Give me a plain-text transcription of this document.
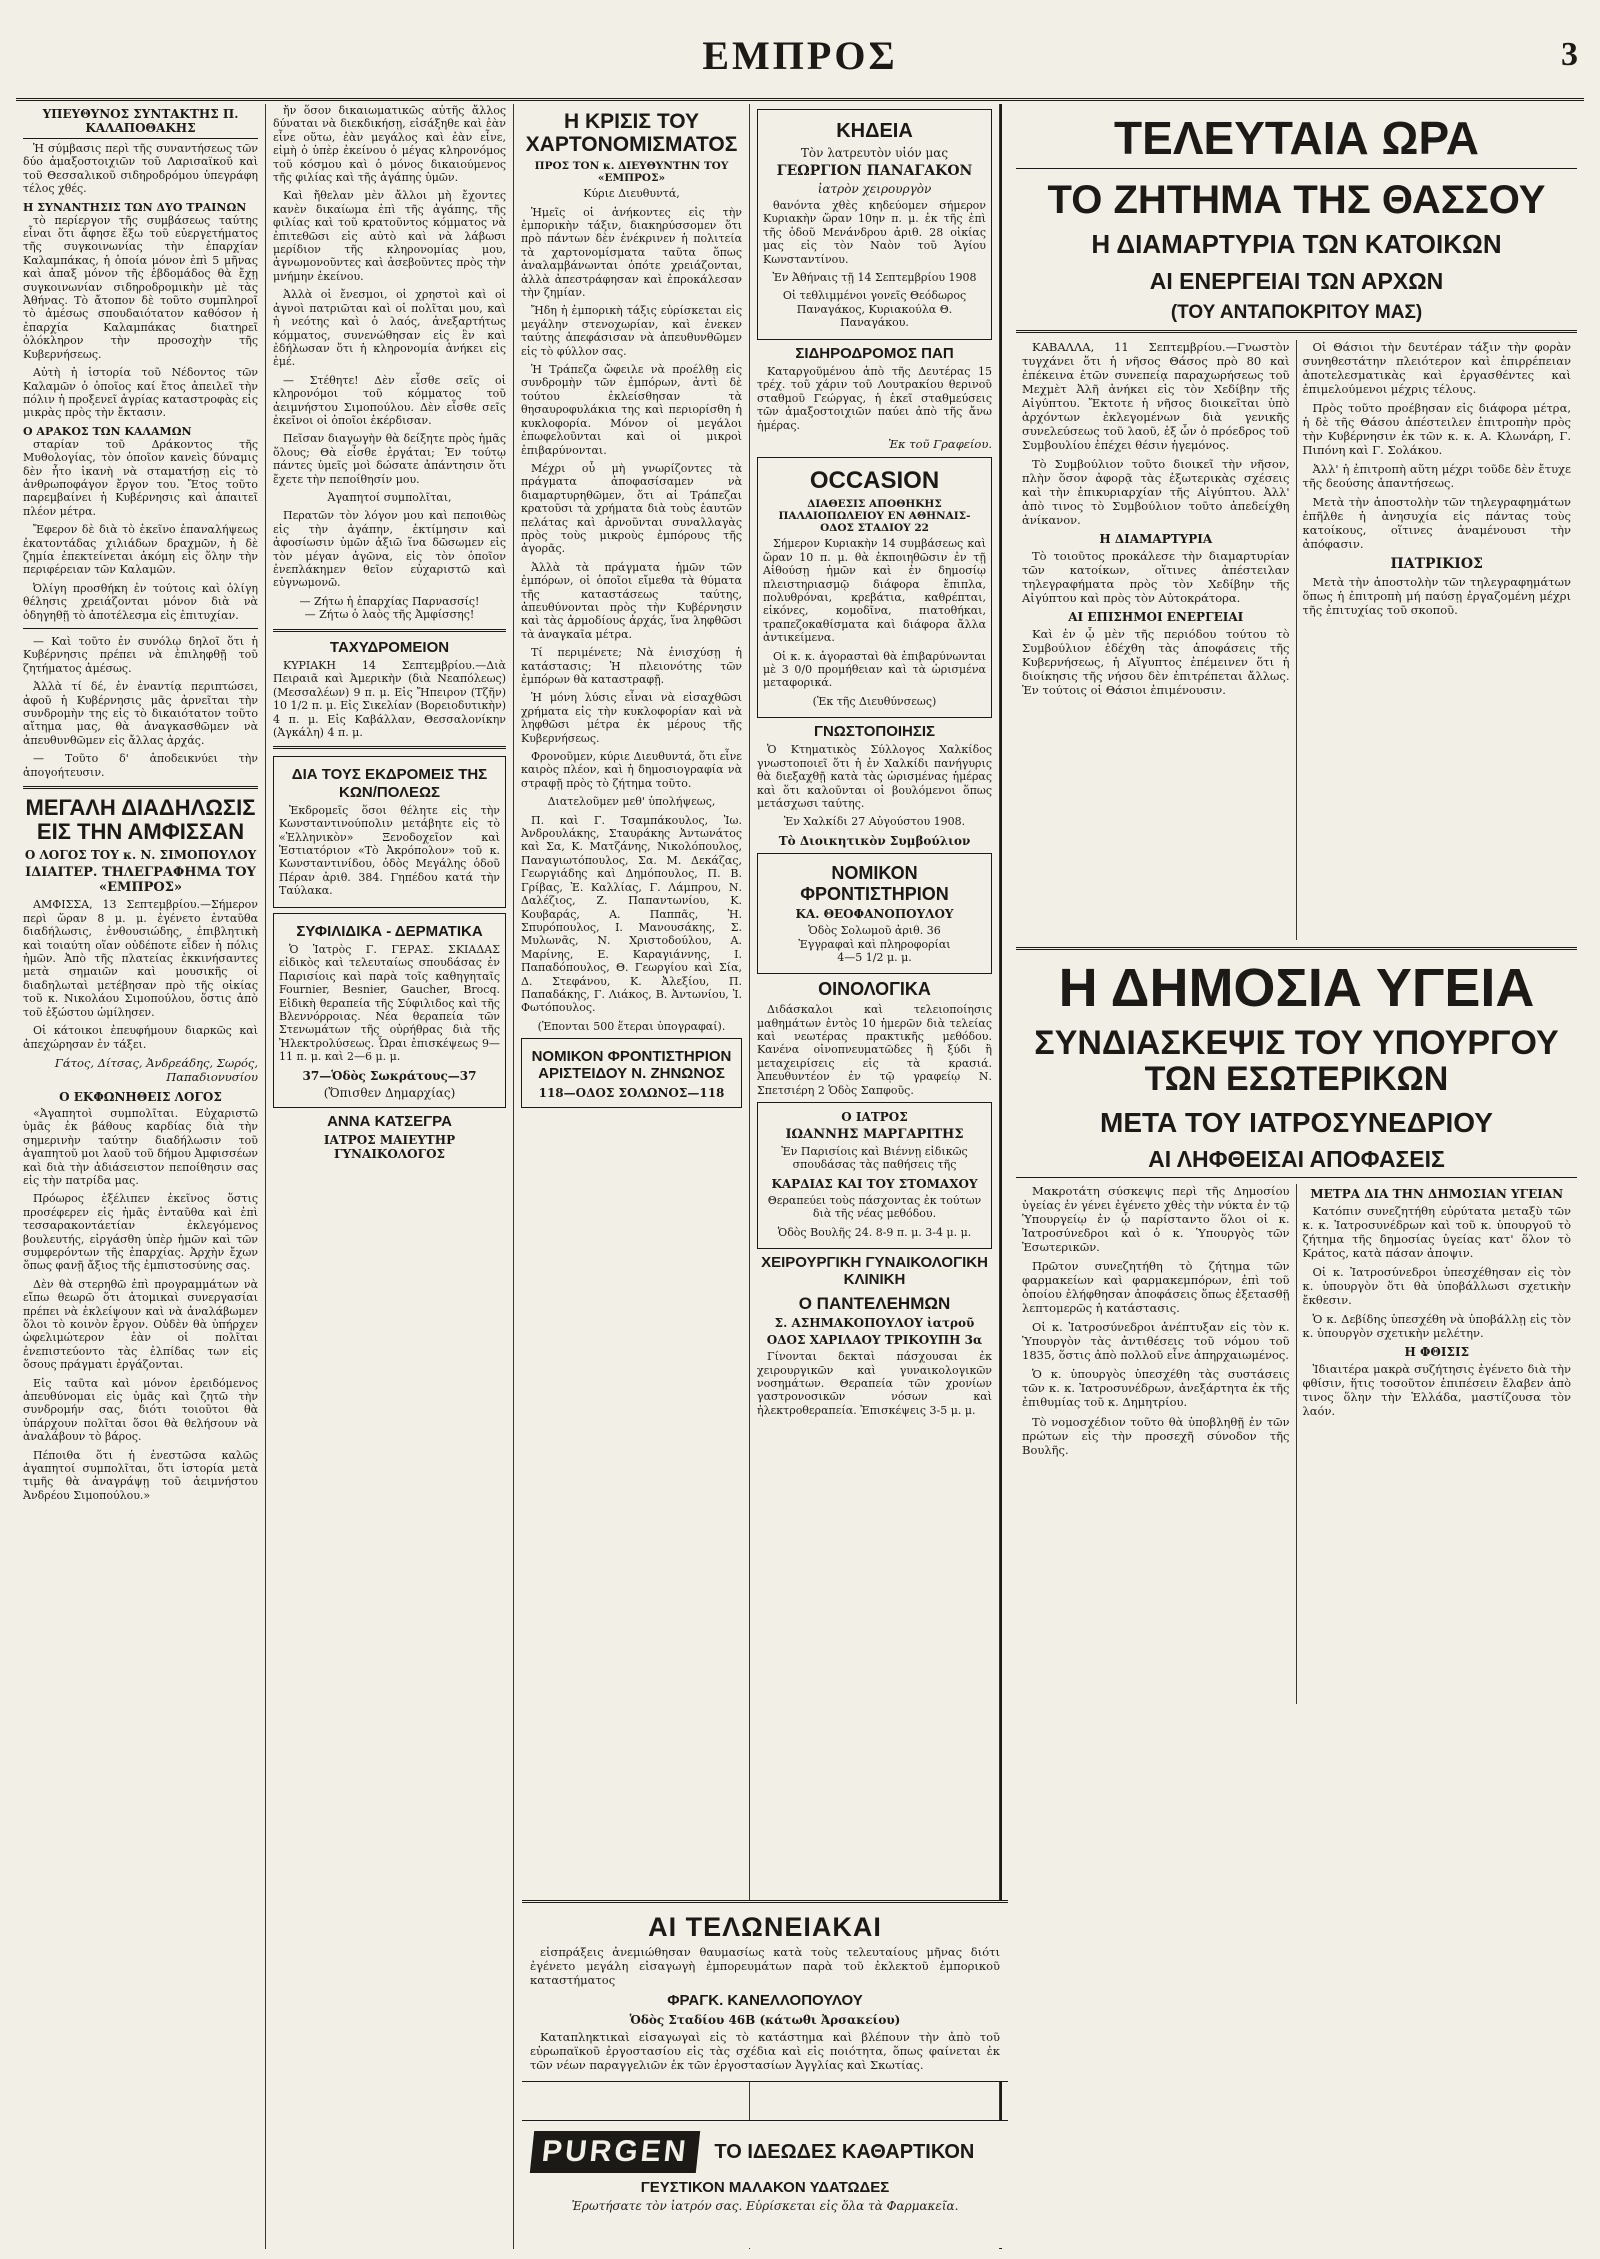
ΕΜΠΡΟΣ	3
ΥΠΕΥΘΥΝΟΣ ΣΥΝΤΑΚΤΗΣ Π. ΚΑΛΑΠΟΘΑΚΗΣ

Ἡ σύμβασις περὶ τῆς συναντήσεως τῶν δύο ἀμαξοστοιχιῶν τοῦ Λαρισαϊκοῦ καὶ τοῦ Θεσσαλικοῦ σιδηροδρόμου ὑπεγράφη τέλος χθές.

Η ΣΥΝΑΝΤΗΣΙΣ ΤΩΝ ΔΥΟ ΤΡΑΙΝΩΝ

τὸ περίεργον τῆς συμβάσεως ταύτης εἶναι ὅτι ἄφησε ἔξω τοῦ εὐεργετήματος τῆς συγκοινωνίας τὴν ἐπαρχίαν Καλαμπάκας, ἡ ὁποία μόνον ἐπὶ 5 μῆνας καὶ ἁπαξ μόνον τῆς ἑβδομάδος θὰ ἔχῃ συγκοινωνίαν σιδηροδρομικὴν μὲ τὰς Ἀθήνας. Τὸ ἄτοπον δὲ τοῦτο συμπληροῖ τὸ ἀμέσως σπουδαιότατον καθόσον ἡ ἐπαρχία Καλαμπάκας διατηρεῖ ὁλόκληρον τὴν προσοχὴν τῆς Κυβερνήσεως.

Αὐτὴ ἡ ἱστορία τοῦ Νέδοντος τῶν Καλαμῶν ὁ ὁποῖος καί ἔτος ἀπειλεῖ τὴν πόλιν ἡ προξενεῖ ἀγρίας καταστροφὰς εἰς μικρὰς πρὸς τὴν ἔκτασιν.

Ο ΑΡΑΚΟΣ ΤΩΝ ΚΑΛΑΜΩΝ

σταρίαν τοῦ Δράκοντος τῆς Μυθολογίας, τὸν ὁποῖον κανεὶς δύναμις δὲν ἦτο ἱκανὴ νὰ σταματήσῃ εἰς τὸ ἀνθρωποφάγον ἔργον του. Ἔτος τοῦτο παρεμβαίνει ἡ Κυβέρνησις καὶ ἀπαιτεῖ πλέον μέτρα.

Ἔφερον δὲ διὰ τὸ ἐκεῖνο ἐπαναλήψεως ἐκατοντάδας χιλιάδων δραχμῶν, ἡ δὲ ζημία ἐπεκτείνεται ἀκόμη εἰς ὅλην τὴν περιφέρειαν τῶν Καλαμῶν.

Ὀλίγη προσθήκη ἐν τούτοις καὶ ὀλίγη θέλησις χρειάζονται μόνον διὰ νὰ ὁδηγηθῇ τὸ ἀποτέλεσμα εἰς ἐπιτυχίαν.

— Καὶ τοῦτο ἐν συνόλῳ δηλοῖ ὅτι ἡ Κυβέρνησις πρέπει νὰ ἐπιληφθῇ τοῦ ζητήματος ἀμέσως.

Ἀλλὰ τί δέ, ἐν ἐναντίᾳ περιπτώσει, ἀφοῦ ἡ Κυβέρνησις μᾶς ἀρνεῖται τὴν συνδρομὴν της εἰς τὸ δικαιότατον τοῦτο αἴτημα μας, θὰ ἀναγκασθῶμεν νὰ ἀπευθυνθῶμεν εἰς ἄλλας ἀρχάς.

— Τοῦτο δ' ἀποδεικνύει τὴν ἀπογοήτευσιν.

ΜΕΓΑΛΗ ΔΙΑΔΗΛΩΣΙΣ ΕΙΣ ΤΗΝ ΑΜΦΙΣΣΑΝ
Ο ΛΟΓΟΣ ΤΟΥ κ. Ν. ΣΙΜΟΠΟΥΛΟΥ
ΙΔΙΑΙΤΕΡ. ΤΗΛΕΓΡΑΦΗΜΑ ΤΟΥ «ΕΜΠΡΟΣ»

ΑΜΦΙΣΣΑ, 13 Σεπτεμβρίου.—Σήμερον περὶ ὥραν 8 μ. μ. ἐγένετο ἐνταῦθα διαδήλωσις, ἐνθουσιώδης, ἐπιβλητικὴ καὶ τοιαύτη οἵαν οὐδέποτε εἶδεν ἡ πόλις ἡμῶν. Ἀπὸ τῆς πλατείας ἐκκινήσαντες μετὰ σημαιῶν καὶ μουσικῆς οἱ διαδηλωταὶ μετέβησαν πρὸ τῆς οἰκίας τοῦ κ. Νικολάου Σιμοπούλου, ὅστις ἀπὸ τοῦ ἐξώστου ὡμίλησεν.

Οἱ κάτοικοι ἐπευφήμουν διαρκῶς καὶ ἀπεχώρησαν ἐν τάξει.

Γάτος, Δίτσας, Ἀνδρεάδης, Σωρός, Παπαδιονυσίου
Ο ΕΚΦΩΝΗΘΕΙΣ ΛΟΓΟΣ

«Ἀγαπητοὶ συμπολῖται. Εὐχαριστῶ ὑμᾶς ἐκ βάθους καρδίας διὰ τὴν σημερινὴν ταύτην διαδήλωσιν τοῦ ἀγαπητοῦ μοι λαοῦ τοῦ δήμου Ἀμφισσέων καὶ διὰ τὴν ἀδιάσειστον πεποίθησιν σας εἰς τὴν πατρίδα μας.

Πρόωρος ἐξέλιπεν ἐκεῖνος ὅστις προσέφερεν εἰς ἡμᾶς ἐνταῦθα καὶ ἐπὶ τεσσαρακοντάετίαν ἐκλεγόμενος βουλευτής, εἰργάσθη ὑπὲρ ἡμῶν καὶ τῶν συμφερόντων τῆς ἐπαρχίας. Ἀρχὴν ἔχων ὅπως φανῇ ἄξιος τῆς ἐμπιστοσύνης σας.

Δὲν θὰ στερηθῶ ἐπὶ προγραμμάτων νὰ εἴπω θεωρῶ ὅτι ἀτομικαὶ συνεργασίαι πρέπει νὰ ἐκλείψουν καὶ νὰ ἀναλάβωμεν ὅλοι τὸ κοινὸν ἔργον. Οὐδὲν θὰ ὑπήρχεν ὠφελιμώτερον ἐὰν οἱ πολῖται ἐνεπιστεύοντο τὰς ἐλπίδας των εἰς ὅσους πράγματι ἐργάζονται.

Εἰς ταῦτα καὶ μόνον ἐρειδόμενος ἀπευθύνομαι εἰς ὑμᾶς καὶ ζητῶ τὴν συνδρομήν σας, διότι τοιοῦτοι θὰ ὑπάρχουν πολῖται ὅσοι θὰ θελήσουν νὰ ἀναλάβουν τὸ βάρος.

Πέποιθα ὅτι ἡ ἐνεστῶσα καλῶς ἀγαπητοί συμπολῖται, ὅτι ἱστορία μετὰ τιμῆς θὰ ἀναγράψῃ τοῦ ἀειμνήστου Ἀνδρέου Σιμοπούλου.»

ἤν ὅσον δικαιωματικῶς αὐτῆς ἄλλος δύναται νὰ διεκδικήσῃ, εἰσάξηθε καὶ ἐὰν εἶνε οὕτω, ἐὰν μεγάλος καὶ ἐὰν εἶνε, εἰμὴ ὁ ὑπὲρ ἐκείνου ὁ μέγας κληρονόμος τοῦ κόσμου καὶ ὁ μόνος δικαιούμενος τῆς φιλίας καὶ τῆς ἀγάπης ὑμῶν.

Καὶ ἤθελαν μὲν ἄλλοι μὴ ἔχοντες κανὲν δικαίωμα ἐπὶ τῆς ἀγάπης, τῆς φιλίας καὶ τοῦ κρατοῦντος κόμματος νὰ ἐπιτεθῶσι εἰς αὐτὸ καὶ νὰ λάβωσι μερίδιον τῆς κληρονομίας μου, ἀγνωμονοῦντες καὶ ἀσεβοῦντες πρὸς τὴν μνήμην ἐκείνου.

Ἀλλὰ οἱ ἔνεσμοι, οἱ χρηστοὶ καὶ οἱ ἀγνοὶ πατριῶται καὶ οἱ πολῖται μου, καὶ ἡ νεότης καὶ ὁ λαός, ἀνεξαρτήτως κόμματος, συνενώθησαν εἰς ἓν καὶ ἐδήλωσαν ὅτι ἡ κληρονομία ἀνήκει εἰς ἐμέ.

— Στέθητε! Δὲν εἶσθε σεῖς οἱ κληρονόμοι τοῦ κόμματος τοῦ ἀειμνήστου Σιμοπούλου. Δὲν εἶσθε σεῖς ἐκεῖνοι οἱ ὁποῖοι ἐκέρδισαν.

Πεῖσαν διαγωγὴν θὰ δείξητε πρὸς ἡμᾶς ὅλους; Θὰ εἶσθε ἐργάται; Ἐν τούτῳ πάντες ὑμεῖς μοὶ δώσατε ἀπάντησιν ὅτι ἔχετε τὴν πεποίθησίν μου.

Ἀγαπητοί συμπολῖται,

Περατῶν τὸν λόγον μου καὶ πεποιθὼς εἰς τὴν ἀγάπην, ἐκτίμησιν καὶ ἀφοσίωσιν ὑμῶν ἀξιῶ ἵνα δῶσωμεν εἰς τὸν μέγαν ἀγῶνα, εἰς τὸν ὁποῖον ἐνεπλάκημεν θεῖον εὐχαριστῶ καὶ εὐγνωμονῶ.

— Ζήτω ἡ ἐπαρχίας Παρνασσίς!
— Ζήτω ὁ λαὸς τῆς Ἀμφίσσης!

ΤΑΧΥΔΡΟΜΕΙΟΝ

ΚΥΡΙΑΚΗ 14 Σεπτεμβρίου.—Διὰ Πειραιᾶ καὶ Ἀμερικὴν (διὰ Νεαπόλεως) (Μεσσαλέων) 9 π. μ. Εἰς Ἤπειρον (Τζῆν) 10 1/2 π. μ. Εἰς Σικελίαν (Βορειοδυτικὴν) 4 π. μ. Εἰς Καβάλλαν, Θεσσαλονίκην (Ἀγκάλη) 4 π. μ.

ΔΙΑ ΤΟΥΣ ΕΚΔΡΟΜΕΙΣ ΤΗΣ ΚΩΝ/ΠΟΛΕΩΣ

Ἐκδρομεῖς ὅσοι θέλητε εἰς τὴν Κωνσταντινούπολιν μετάβητε εἰς τὸ «Ἑλληνικὸν» Ξενοδοχεῖον καὶ Ἑστιατόριον «Τὸ Ἀκρόπολον» τοῦ κ. Κωνσταντινίδου, ὁδὸς Μεγάλης ὁδοῦ Πέραν ἀριθ. 384. Γηπέδου κατά τὴν Ταύλακα.

ΣΥΦΙΛΙΔΙΚΑ - ΔΕΡΜΑΤΙΚΑ

Ὁ Ἰατρὸς Γ. ΓΕΡΑΣ. ΣΚΙΑΔΑΣ εἰδικὸς καὶ τελευταίως σπουδάσας ἐν Παρισίοις καὶ παρὰ τοῖς καθηγηταῖς Fournier, Besnier, Gaucher, Brocq. Εἰδικὴ θεραπεία τῆς Σύφιλιδος καὶ τῆς Βλεννόρροιας. Νέα θεραπεία τῶν Στενωμάτων τῆς οὐρήθρας διὰ τῆς Ἠλεκτρολύσεως. Ὧραι ἐπισκέψεως 9—11 π. μ. καὶ 2—6 μ. μ.

37—Ὁδὸς Σωκράτους—37
(Ὄπισθεν Δημαρχίας)
ΑΝΝΑ ΚΑΤΣΕΓΡΑ
ΙΑΤΡΟΣ ΜΑΙΕΥΤΗΡ ΓΥΝΑΙΚΟΛΟΓΟΣ
Η ΚΡΙΣΙΣ ΤΟΥ ΧΑΡΤΟΝΟΜΙΣΜΑΤΟΣ
ΠΡΟΣ ΤΟΝ κ. ΔΙΕΥΘΥΝΤΗΝ ΤΟΥ «ΕΜΠΡΟΣ»

Κύριε Διευθυντά,

Ἡμεῖς οἱ ἀνήκοντες εἰς τὴν ἐμπορικὴν τάξιν, διακηρύσσομεν ὅτι πρὸ πάντων δὲν ἐνέκρινεν ἡ πολιτεία τὰ χαρτονομίσματα ταῦτα ὅπως ἀναλαμβάνωνται ὁπότε χρειάζονται, ἀλλὰ ἀπεστράφησαν καὶ ἐπροκάλεσαν τὴν ζημίαν.

Ἤδη ἡ ἐμπορικὴ τάξις εὑρίσκεται εἰς μεγάλην στενοχωρίαν, καὶ ἐνεκεν ταύτης ἀπεφάσισαν νὰ ἀπευθυνθῶμεν εἰς τὸ φύλλον σας.

Ἡ Τράπεζα ὤφειλε νὰ προέλθῃ εἰς συνδρομὴν τῶν ἐμπόρων, ἀντὶ δὲ τούτου ἐκλείσθησαν τὰ θησαυροφυλάκια της καὶ περιορίσθη ἡ κυκλοφορία. Μόνον οἱ μεγάλοι ἐπωφελοῦνται καὶ οἱ μικροὶ ἐπιβαρύνονται.

Μέχρι οὗ μὴ γνωρίζοντες τὰ πράγματα ἀποφασίσαμεν νὰ διαμαρτυρηθῶμεν, ὅτι αἱ Τράπεζαι κρατοῦσι τὰ χρήματα διὰ τοὺς ἑαυτῶν πελάτας καὶ ἀρνοῦνται συναλλαγὰς πρὸς τοὺς μικροὺς ἐμπόρους τῆς ἀγορᾶς.

Ἀλλὰ τὰ πράγματα ἡμῶν τῶν ἐμπόρων, οἱ ὁποῖοι εἴμεθα τὰ θύματα τῆς καταστάσεως ταύτης, ἀπευθύνονται πρὸς τὴν Κυβέρνησιν καὶ τὰς ἁρμοδίους ἀρχάς, ἵνα ληφθῶσι τὰ ἀναγκαῖα μέτρα.

Τί περιμένετε; Νὰ ἐνισχύσῃ ἡ κατάστασις; Ἡ πλειονότης τῶν ἐμπόρων θὰ καταστραφῇ.

Ἡ μόνη λύσις εἶναι νὰ εἰσαχθῶσι χρήματα εἰς τὴν κυκλοφορίαν καὶ νὰ ληφθῶσι μέτρα ἐκ μέρους τῆς Κυβερνήσεως.

Φρονοῦμεν, κύριε Διευθυντά, ὅτι εἶνε καιρὸς πλέον, καὶ ἡ δημοσιογραφία νὰ στραφῇ πρὸς τὸ ζήτημα τοῦτο.

Διατελοῦμεν μεθ' ὑπολήψεως,

Π. καὶ Γ. Τσαμπάκουλος, Ἰω. Ἀνδρουλάκης, Σταυράκης Ἀντωνάτος καὶ Σα, Κ. Ματζάνης, Νικολόπουλος, Παναγιωτόπουλος, Σα. Μ. Δεκάζας, Γεωργιάδης καὶ Δημόπουλος, Π. Β. Γρίβας, Ἐ. Καλλίας, Γ. Λάμπρου, Ν. Δαλέζιος, Ζ. Παπαντωνίου, Κ. Κουβαράς, Α. Παππᾶς, Ἡ. Σπυρόπουλος, Ι. Μανουσάκης, Σ. Μυλωνᾶς, Ν. Χριστοδούλου, Α. Μαρίνης, Ε. Καραγιάννης, Ι. Παπαδόπουλος, Θ. Γεωργίου καὶ Σία, Δ. Στεφάνου, Κ. Ἀλεξίου, Π. Παπαδάκης, Γ. Λιάκος, Β. Ἀντωνίου, Ἰ. Φωτόπουλος.

(Ἐπονται 500 ἕτεραι ὑπογραφαί).

ΝΟΜΙΚΟΝ ΦΡΟΝΤΙΣΤΗΡΙΟΝ ΑΡΙΣΤΕΙΔΟΥ Ν. ΖΗΝΩΝΟΣ
118—ΟΔΟΣ ΣΟΛΩΝΟΣ—118
ΚΗΔΕΙΑ
Τὸν λατρευτὸν υἱόν μας
ΓΕΩΡΓΙΟΝ ΠΑΝΑΓΑΚΟΝ
ἰατρὸν χειρουργὸν

θανόντα χθὲς κηδεύομεν σήμερον Κυριακὴν ὥραν 10ην π. μ. ἐκ τῆς ἐπὶ τῆς ὁδοῦ Μενάνδρου ἀριθ. 28 οἰκίας μας εἰς τὸν Ναὸν τοῦ Ἁγίου Κωνσταντίνου.

Ἐν Ἀθήναις τῇ 14 Σεπτεμβρίου 1908

Οἱ τεθλιμμένοι γονεῖς Θεόδωρος Παναγάκος, Κυριακούλα Θ. Παναγάκου.

ΣΙΔΗΡΟΔΡΟΜΟΣ ΠΑΠ

Καταργοῦμένου ἀπὸ τῆς Δευτέρας 15 τρέχ. τοῦ χάριν τοῦ Λουτρακίου θερινοῦ σταθμοῦ Γεώργας, ἡ ἐκεῖ σταθμεύσεις τῶν ἀμαξοστοιχιῶν παύει ἀπὸ τῆς ἄνω ἡμέρας.

Ἐκ τοῦ Γραφείου.
OCCASION
ΔΙΑΘΕΣΙΣ ΑΠΟΘΗΚΗΣ ΠΑΛΑΙΟΠΩΛΕΙΟΥ ΕΝ ΑΘΗΝΑΙΣ-ΟΔΟΣ ΣΤΑΔΙΟΥ 22

Σήμερον Κυριακὴν 14 συμβάσεως καὶ ὥραν 10 π. μ. θὰ ἐκποιηθῶσιν ἐν τῇ Αἰθούσῃ ἡμῶν καὶ ἐν δημοσίῳ πλειστηριασμῷ διάφορα ἔπιπλα, πολυθρόναι, κρεβάτια, καθρέπται, εἰκόνες, κομοδῖνα, πιατοθήκαι, τραπεζοκαθίσματα καὶ διάφορα ἄλλα ἀντικείμενα.

Οἱ κ. κ. ἀγορασταὶ θὰ ἐπιβαρύνωνται μὲ 3 0/0 προμήθειαν καὶ τὰ ὡρισμένα μεταφορικά.

(Ἐκ τῆς Διευθύνσεως)

ΓΝΩΣΤΟΠΟΙΗΣΙΣ

Ὁ Κτηματικὸς Σύλλογος Χαλκίδος γνωστοποιεῖ ὅτι ἡ ἐν Χαλκίδι πανήγυρις θὰ διεξαχθῇ κατὰ τὰς ὡρισμένας ἡμέρας καὶ ὅτι καλοῦνται οἱ βουλόμενοι ὅπως μετάσχωσι ταύτης.

Ἐν Χαλκίδι 27 Αὐγούστου 1908.

Τὸ Διοικητικὸν Συμβούλιον
ΝΟΜΙΚΟΝ ΦΡΟΝΤΙΣΤΗΡΙΟΝ
ΚΑ. ΘΕΟΦΑΝΟΠΟΥΛΟΥ

Ὁδὸς Σολωμοῦ ἀριθ. 36
Ἐγγραφαὶ καὶ πληροφορίαι
4—5 1/2 μ. μ.

ΟΙΝΟΛΟΓΙΚΑ

Διδάσκαλοι καὶ τελειοποίησις μαθημάτων ἐντὸς 10 ἡμερῶν διὰ τελείας καὶ νεωτέρας πρακτικῆς μεθόδου. Κανένα οἰνοπνευματῶδες ἢ ξύδι ἢ μεταχειρίσεις εἰς τὰ κρασιά. Ἀπευθυντέον ἐν τῷ γραφείῳ Ν. Σπετσιέρη 2 Ὁδὸς Σαπφοῦς.

Ο ΙΑΤΡΟΣ
ΙΩΑΝΝΗΣ ΜΑΡΓΑΡΙΤΗΣ

Ἐν Παρισίοις καὶ Βιέννῃ εἰδικῶς σπουδάσας τὰς παθήσεις τῆς

ΚΑΡΔΙΑΣ ΚΑΙ ΤΟΥ ΣΤΟΜΑΧΟΥ

Θεραπεύει τοὺς πάσχοντας ἐκ τούτων διὰ τῆς νέας μεθόδου.

Ὁδὸς Βουλῆς 24. 8-9 π. μ. 3-4 μ. μ.

ΧΕΙΡΟΥΡΓΙΚΗ ΓΥΝΑΙΚΟΛΟΓΙΚΗ ΚΛΙΝΙΚΗ
Ο ΠΑΝΤΕΛΕΗΜΩΝ
Σ. ΑΣΗΜΑΚΟΠΟΥΛΟΥ ἰατροῦ
ΟΔΟΣ ΧΑΡΙΛΑΟΥ ΤΡΙΚΟΥΠΗ 3α

Γίνονται δεκταὶ πάσχουσαι ἐκ χειρουργικῶν καὶ γυναικολογικῶν νοσημάτων. Θεραπεία τῶν χρονίων γαστρονοσικῶν νόσων καὶ ἠλεκτροθεραπεία. Ἐπισκέψεις 3-5 μ. μ.

ΤΕΛΕΥΤΑΙΑ ΩΡΑ
ΤΟ ΖΗΤΗΜΑ ΤΗΣ ΘΑΣΣΟΥ
Η ΔΙΑΜΑΡΤΥΡΙΑ ΤΩΝ ΚΑΤΟΙΚΩΝ
ΑΙ ΕΝΕΡΓΕΙΑΙ ΤΩΝ ΑΡΧΩΝ
(ΤΟΥ ΑΝΤΑΠΟΚΡΙΤΟΥ ΜΑΣ)

ΚΑΒΑΛΛΑ, 11 Σεπτεμβρίου.—Γνωστὸν τυγχάνει ὅτι ἡ νῆσος Θάσος πρὸ 80 καὶ ἐπέκεινα ἐτῶν συνεπείᾳ παραχωρήσεως τοῦ Μεχμὲτ Ἀλῆ ἀνήκει εἰς τὸν Χεδίβην τῆς Αἰγύπτου. Ἔκτοτε ἡ νῆσος διοικεῖται ὑπὸ ἀρχόντων ἐκλεγομένων διὰ γενικῆς συνελεύσεως τοῦ λαοῦ, ἐξ ὧν ὁ πρόεδρος τοῦ Συμβουλίου ἐπέχει θέσιν ἡγεμόνος.

Τὸ Συμβούλιον τοῦτο διοικεῖ τὴν νῆσον, πλὴν ὅσον ἀφορᾷ τὰς ἐξωτερικὰς σχέσεις καὶ τὴν ἐπικυριαρχίαν τῆς Αἰγύπτου. Ἀλλ' ἀπὸ τινος τὸ Συμβούλιον τοῦτο ἀπεδείχθη ἀνίκανον.

Η ΔΙΑΜΑΡΤΥΡΙΑ

Τὸ τοιοῦτος προκάλεσε τὴν διαμαρτυρίαν τῶν κατοίκων, οἵτινες ἀπέστειλαν τηλεγραφήματα πρὸς τὸν Χεδίβην τῆς Αἰγύπτου καὶ πρὸς τὸν Αὐτοκράτορα.

ΑΙ ΕΠΙΣΗΜΟΙ ΕΝΕΡΓΕΙΑΙ

Καὶ ἐν ᾧ μὲν τῆς περιόδου τούτου τὸ Συμβούλιον ἐδέχθη τὰς ἀποφάσεις τῆς Κυβερνήσεως, ἡ Αἴγυπτος ἐπέμεινεν ὅτι ἡ διοίκησις τῆς νήσου δὲν ἐπιτρέπεται ἄλλως. Ἐν τούτοις οἱ Θάσιοι ἐπιμένουσιν.

Οἱ Θάσιοι τὴν δευτέραν τάξιν τὴν φορὰν συνηθεστάτην πλειότερον καὶ ἐπιρρέπειαν ἀποτελεσματικὰς καὶ ἐργασθέντες καὶ ἐπιμελούμενοι μέχρις τέλους.

Πρὸς τοῦτο προέβησαν εἰς διάφορα μέτρα, ἡ δὲ τῆς Θάσου ἀπέστειλεν ἐπιτροπὴν πρὸς τὴν Κυβέρνησιν ἐκ τῶν κ. κ. Α. Κλωνάρη, Γ. Πιπόνη καὶ Γ. Σολάκου.

Ἀλλ' ἡ ἐπιτροπὴ αὕτη μέχρι τοῦδε δὲν ἔτυχε τῆς δεούσης ἀπαντήσεως.

Μετὰ τὴν ἀποστολὴν τῶν τηλεγραφημάτων ἐπῆλθε ἡ ἀνησυχία εἰς πάντας τοὺς κατοίκους, οἵτινες ἀναμένουσι τὴν ἀπόφασιν.

ΠΑΤΡΙΚΙΟΣ

Μετὰ τὴν ἀποστολὴν τῶν τηλεγραφημάτων ὅπως ἡ ἐπιτροπὴ μή παύσῃ ἐργαζομένη μέχρι τῆς ἐπιτυχίας τοῦ σκοποῦ.

Η ΔΗΜΟΣΙΑ ΥΓΕΙΑ
ΣΥΝΔΙΑΣΚΕΨΙΣ ΤΟΥ ΥΠΟΥΡΓΟΥ ΤΩΝ ΕΣΩΤΕΡΙΚΩΝ
ΜΕΤΑ ΤΟΥ ΙΑΤΡΟΣΥΝΕΔΡΙΟΥ
ΑΙ ΛΗΦΘΕΙΣΑΙ ΑΠΟΦΑΣΕΙΣ

Μακροτάτη σύσκεψις περὶ τῆς Δημοσίου ὑγείας ἐν γένει ἐγένετο χθὲς τὴν νύκτα ἐν τῷ Ὑπουργείῳ ἐν ᾧ παρίσταντο ὅλοι οἱ κ. Ἰατροσύνεδροι καὶ ὁ κ. Ὑπουργὸς τῶν Ἐσωτερικῶν.

Πρῶτον συνεζητήθη τὸ ζήτημα τῶν φαρμακείων καὶ φαρμακεμπόρων, ἐπὶ τοῦ ὁποίου ἐλήφθησαν ἀποφάσεις ὅπως ἐξετασθῇ λεπτομερῶς ἡ κατάστασις.

Οἱ κ. Ἰατροσύνεδροι ἀνέπτυξαν εἰς τὸν κ. Ὑπουργὸν τὰς ἀντιθέσεις τοῦ νόμου τοῦ 1835, ὅστις ἀπὸ πολλοῦ εἶνε ἀπηρχαιωμένος.

Ὁ κ. ὑπουργὸς ὑπεσχέθη τὰς συστάσεις τῶν κ. κ. Ἰατροσυνέδρων, ἀνεξάρτητα ἐκ τῆς ἐπιθυμίας τοῦ κ. Δημητρίου.

Τὸ νομοσχέδιον τοῦτο θὰ ὑποβληθῇ ἐν τῶν πρώτων εἰς τὴν προσεχῆ σύνοδον τῆς Βουλῆς.

ΜΕΤΡΑ ΔΙΑ ΤΗΝ ΔΗΜΟΣΙΑΝ ΥΓΕΙΑΝ

Κατόπιν συνεζητήθη εὐρύτατα μεταξὺ τῶν κ. κ. Ἰατροσυνέδρων καὶ τοῦ κ. ὑπουργοῦ τὸ ζήτημα τῆς δημοσίας ὑγείας κατ' ὅλον τὸ Κράτος, κατὰ πάσαν ἀποψιν.

Οἱ κ. Ἰατροσύνεδροι ὑπεσχέθησαν εἰς τὸν κ. ὑπουργὸν ὅτι θὰ ὑποβάλλωσι σχετικὴν ἔκθεσιν.

Ὁ κ. Δεβίδης ὑπεσχέθη νὰ ὑποβάλλῃ εἰς τὸν κ. ὑπουργὸν σχετικὴν μελέτην.

Η ΦΘΙΣΙΣ

Ἰδιαιτέρα μακρὰ συζήτησις ἐγένετο διὰ τὴν φθίσιν, ἥτις τοσοῦτον ἐπιπέσειν ἔλαβεν ἀπὸ τινος ὅλην τὴν Ἑλλάδα, μαστίζουσα τὸν λαόν.

ΑΙ ΤΕΛΩΝΕΙΑΚΑΙ

εἰσπράξεις ἀνεμιώθησαν θαυμασίως κατὰ τοὺς τελευταίους μῆνας διότι ἐγένετο μεγάλη εἰσαγωγὴ ἐμπορευμάτων παρὰ τοῦ ἐκλεκτοῦ ἐμπορικοῦ καταστήματος

ΦΡΑΓΚ. ΚΑΝΕΛΛΟΠΟΥΛΟΥ
Ὁδὸς Σταδίου 46Β (κάτωθι Ἀρσακείου)

Καταπληκτικαὶ εἰσαγωγαὶ εἰς τὸ κατάστημα καὶ βλέπουν τὴν ἀπὸ τοῦ εὐρωπαϊκοῦ ἐργοστασίου εἰς τὰς σχέδια καὶ εἰς ποιότητα, ὅπως φαίνεται ἐκ τῶν νέων παραγγελιῶν ἐκ τῶν ἐργοστασίων Ἀγγλίας καὶ Σκωτίας.

PURGEN	ΤΟ ΙΔΕΩΔΕΣ ΚΑΘΑΡΤΙΚΟΝ
ΓΕΥΣΤΙΚΟΝ ΜΑΛΑΚΟΝ ΥΔΑΤΩΔΕΣ
Ἐρωτήσατε τὸν ἰατρόν σας. Εὑρίσκεται εἰς ὅλα τὰ Φαρμακεῖα.
